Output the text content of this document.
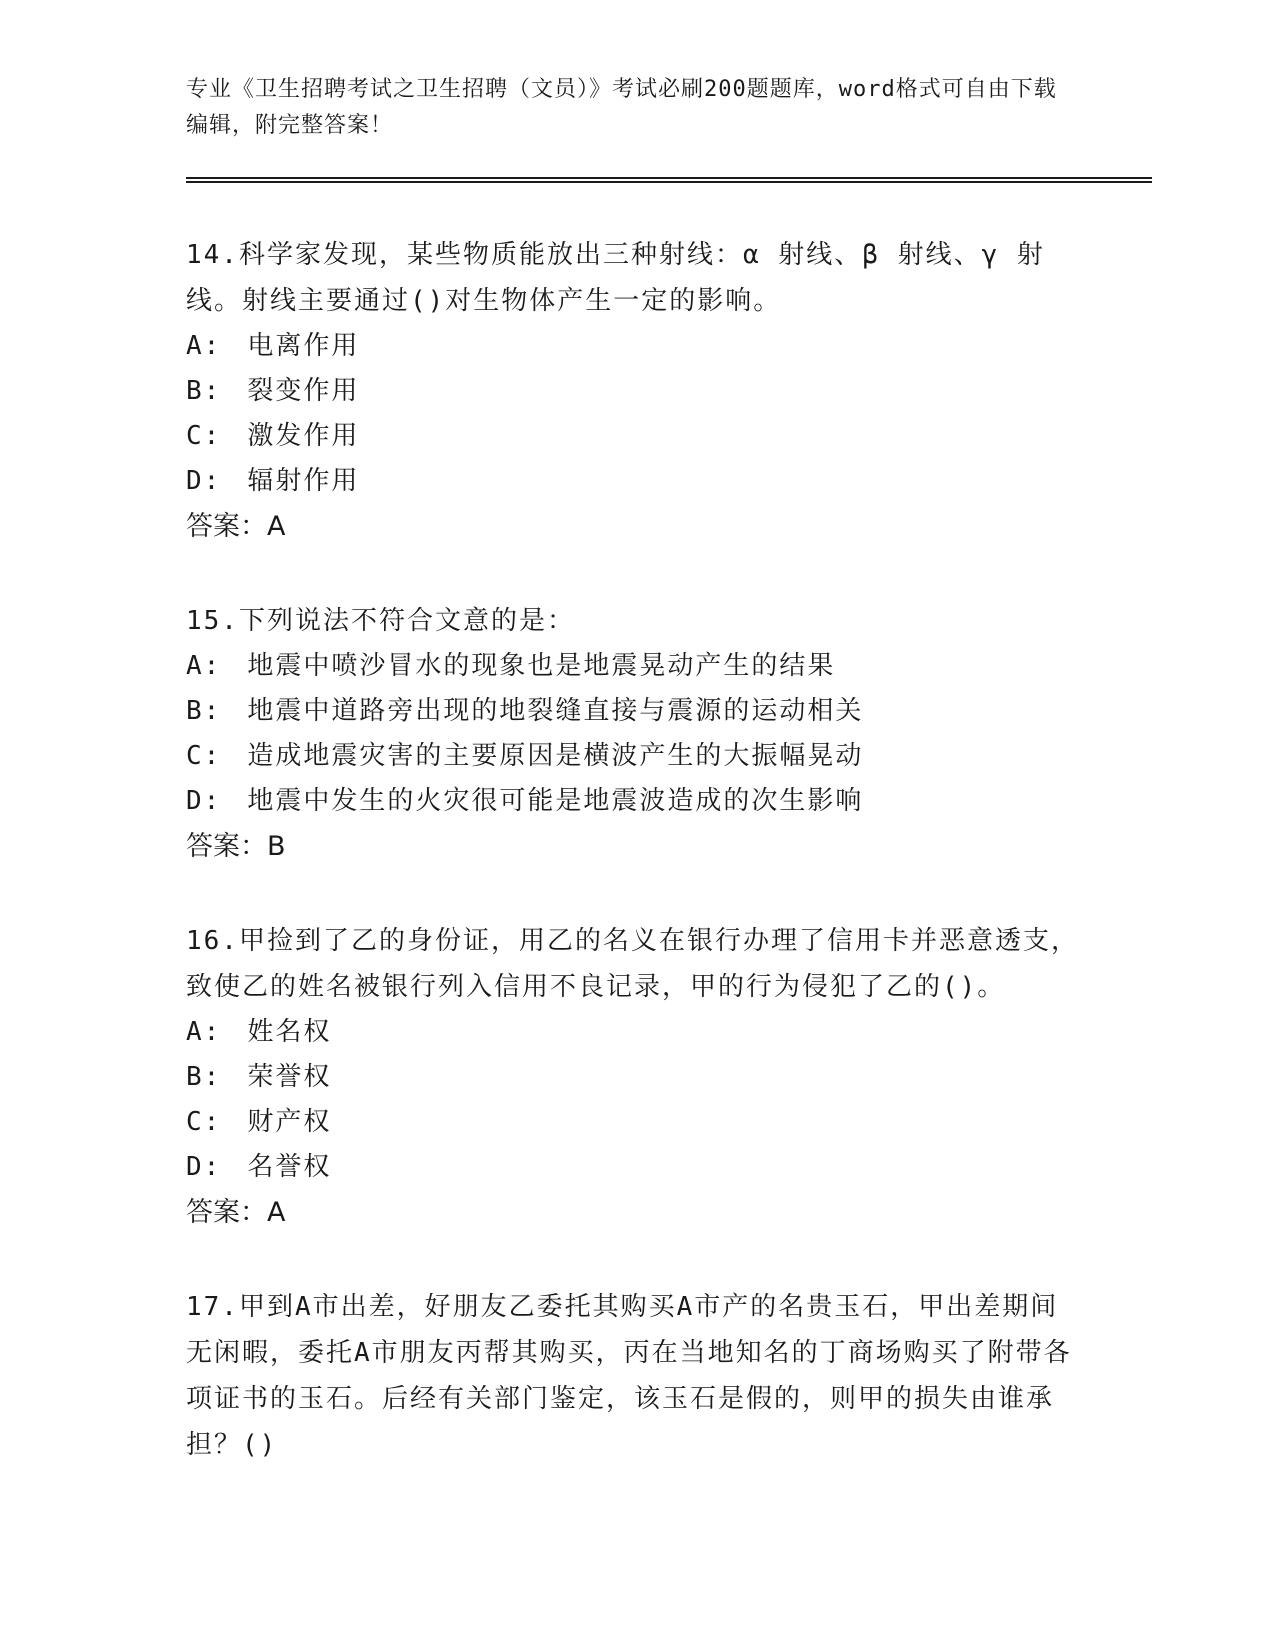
专业《卫生招聘考试之卫生招聘（文员）》考试必刷200题题库，word格式可自由下载编辑，附完整答案！

14.科学家发现，某些物质能放出三种射线：α 射线、β 射线、γ 射线。射线主要通过()对生物体产生一定的影响。

A: 电离作用

B: 裂变作用

C: 激发作用

D: 辐射作用

答案：A

15.下列说法不符合文意的是：

A: 地震中喷沙冒水的现象也是地震晃动产生的结果

B: 地震中道路旁出现的地裂缝直接与震源的运动相关

C: 造成地震灾害的主要原因是横波产生的大振幅晃动

D: 地震中发生的火灾很可能是地震波造成的次生影响

答案：B

16.甲捡到了乙的身份证，用乙的名义在银行办理了信用卡并恶意透支，致使乙的姓名被银行列入信用不良记录，甲的行为侵犯了乙的()。

A: 姓名权

B: 荣誉权

C: 财产权

D: 名誉权

答案：A

17.甲到A市出差，好朋友乙委托其购买A市产的名贵玉石，甲出差期间无闲暇，委托A市朋友丙帮其购买，丙在当地知名的丁商场购买了附带各项证书的玉石。后经有关部门鉴定，该玉石是假的，则甲的损失由谁承担？()
